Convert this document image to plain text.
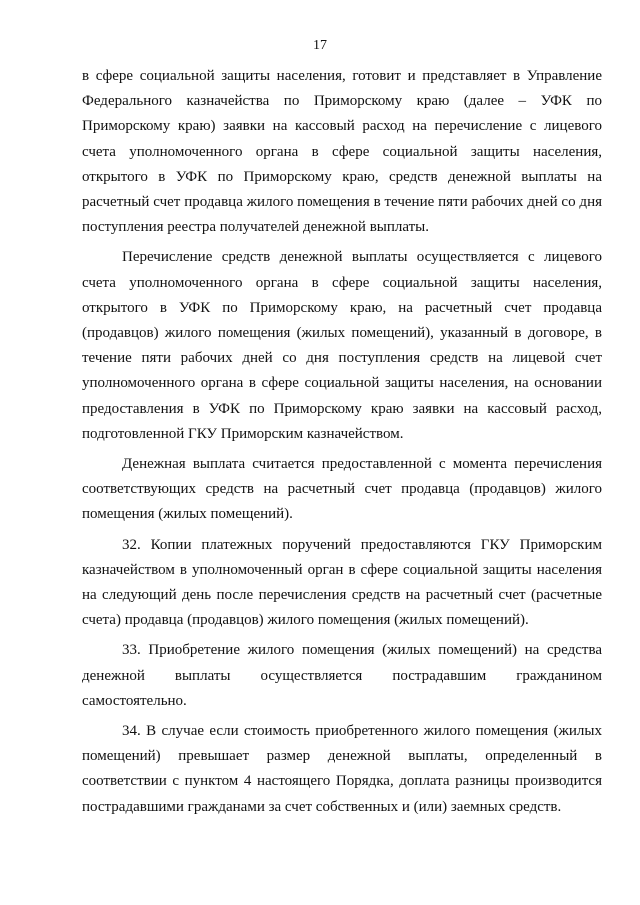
17

в сфере социальной защиты населения, готовит и представляет в Управление Федерального казначейства по Приморскому краю (далее – УФК по Приморскому краю) заявки на кассовый расход на перечисление с лицевого счета уполномоченного органа в сфере социальной защиты населения, открытого в УФК по Приморскому краю, средств денежной выплаты на расчетный счет продавца жилого помещения в течение пяти рабочих дней со дня поступления реестра получателей денежной выплаты.

Перечисление средств денежной выплаты осуществляется с лицевого счета уполномоченного органа в сфере социальной защиты населения, открытого в УФК по Приморскому краю, на расчетный счет продавца (продавцов) жилого помещения (жилых помещений), указанный в договоре, в течение пяти рабочих дней со дня поступления средств на лицевой счет уполномоченного органа в сфере социальной защиты населения, на основании предоставления в УФК по Приморскому краю заявки на кассовый расход, подготовленной ГКУ Приморским казначейством.

Денежная выплата считается предоставленной с момента перечисления соответствующих средств на расчетный счет продавца (продавцов) жилого помещения (жилых помещений).

32. Копии платежных поручений предоставляются ГКУ Приморским казначейством в уполномоченный орган в сфере социальной защиты населения на следующий день после перечисления средств на расчетный счет (расчетные счета) продавца (продавцов) жилого помещения (жилых помещений).

33. Приобретение жилого помещения (жилых помещений) на средства денежной выплаты осуществляется пострадавшим гражданином самостоятельно.

34. В случае если стоимость приобретенного жилого помещения (жилых помещений) превышает размер денежной выплаты, определенный в соответствии с пунктом 4 настоящего Порядка, доплата разницы производится пострадавшими гражданами за счет собственных и (или) заемных средств.
